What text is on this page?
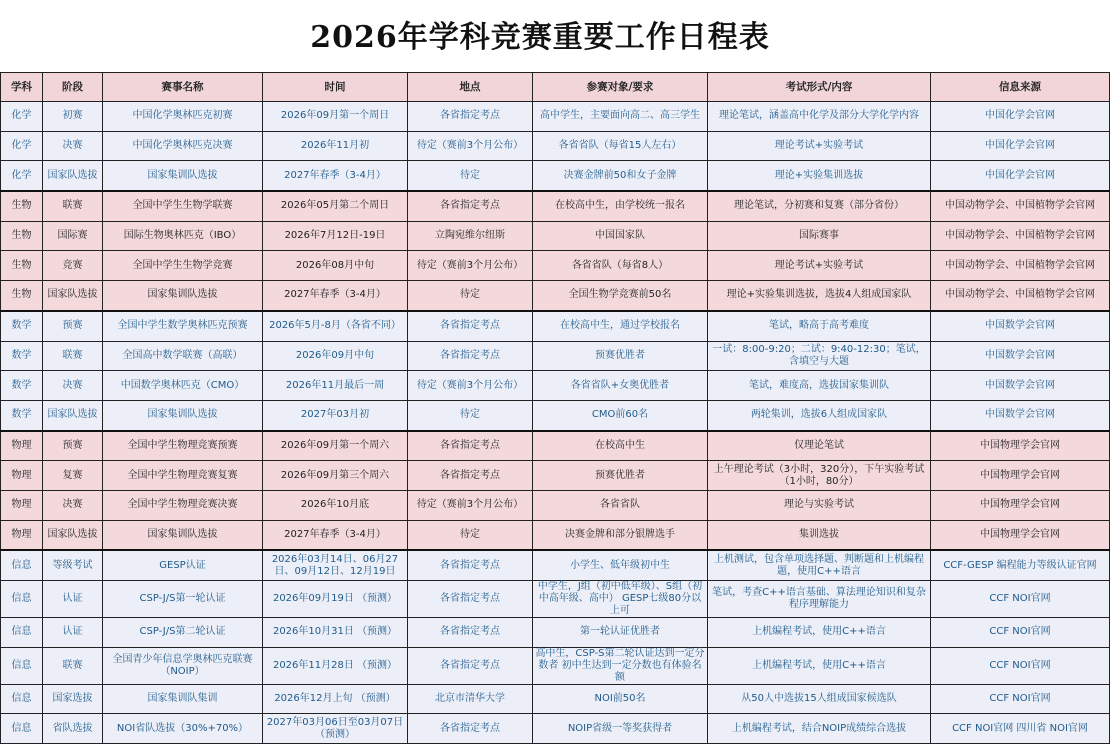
2026年学科竞赛重要工作日程表
学科	阶段	赛事名称	时间	地点	参赛对象/要求	考试形式/内容	信息来源
化学	初赛	中国化学奥林匹克初赛	2026年09月第一个周日	各省指定考点	高中学生，主要面向高二、高三学生	理论笔试，涵盖高中化学及部分大学化学内容	中国化学会官网
化学	决赛	中国化学奥林匹克决赛	2026年11月初	待定（赛前3个月公布）	各省省队（每省15人左右）	理论考试+实验考试	中国化学会官网
化学	国家队选拔	国家集训队选拔	2027年春季（3-4月）	待定	决赛金牌前50和女子金牌	理论+实验集训选拔	中国化学会官网
生物	联赛	全国中学生生物学联赛	2026年05月第二个周日	各省指定考点	在校高中生，由学校统一报名	理论笔试，分初赛和复赛（部分省份）	中国动物学会、中国植物学会官网
生物	国际赛	国际生物奥林匹克（IBO）	2026年7月12日-19日	立陶宛维尔纽斯	中国国家队	国际赛事	中国动物学会、中国植物学会官网
生物	竞赛	全国中学生生物学竞赛	2026年08月中旬	待定（赛前3个月公布）	各省省队（每省8人）	理论考试+实验考试	中国动物学会、中国植物学会官网
生物	国家队选拔	国家集训队选拔	2027年春季（3-4月）	待定	全国生物学竞赛前50名	理论+实验集训选拔，选拔4人组成国家队	中国动物学会、中国植物学会官网
数学	预赛	全国中学生数学奥林匹克预赛	2026年5月-8月（各省不同）	各省指定考点	在校高中生，通过学校报名	笔试，略高于高考难度	中国数学会官网
数学	联赛	全国高中数学联赛（高联）	2026年09月中旬	各省指定考点	预赛优胜者	一试：8:00-9:20；二试：9:40-12:30；笔试，含填空与大题	中国数学会官网
数学	决赛	中国数学奥林匹克（CMO）	2026年11月最后一周	待定（赛前3个月公布）	各省省队+女奥优胜者	笔试，难度高，选拔国家集训队	中国数学会官网
数学	国家队选拔	国家集训队选拔	2027年03月初	待定	CMO前60名	两轮集训，选拔6人组成国家队	中国数学会官网
物理	预赛	全国中学生物理竞赛预赛	2026年09月第一个周六	各省指定考点	在校高中生	仅理论笔试	中国物理学会官网
物理	复赛	全国中学生物理竞赛复赛	2026年09月第三个周六	各省指定考点	预赛优胜者	上午理论考试（3小时，320分），下午实验考试（1小时，80分）	中国物理学会官网
物理	决赛	全国中学生物理竞赛决赛	2026年10月底	待定（赛前3个月公布）	各省省队	理论与实验考试	中国物理学会官网
物理	国家队选拔	国家集训队选拔	2027年春季（3-4月）	待定	决赛金牌和部分银牌选手	集训选拔	中国物理学会官网
信息	等级考试	GESP认证	2026年03月14日、06月27日、09月12日、12月19日	各省指定考点	小学生、低年级初中生	上机测试，包含单项选择题、判断题和上机编程题，使用C++语言	CCF-GESP 编程能力等级认证官网
信息	认证	CSP-J/S第一轮认证	2026年09月19日 （预测）	各省指定考点	中学生，J组（初中低年级）、S组（初中高年级、高中） GESP七级80分以上可	笔试，考查C++语言基础、算法理论知识和复杂程序理解能力	CCF NOI官网
信息	认证	CSP-J/S第二轮认证	2026年10月31日 （预测）	各省指定考点	第一轮认证优胜者	上机编程考试，使用C++语言	CCF NOI官网
信息	联赛	全国青少年信息学奥林匹克联赛（NOIP）	2026年11月28日 （预测）	各省指定考点	高中生，CSP-S第二轮认证达到一定分数者 初中生达到一定分数也有体验名额	上机编程考试，使用C++语言	CCF NOI官网
信息	国家选拔	国家集训队集训	2026年12月上旬 （预测）	北京市清华大学	NOI前50名	从50人中选拔15人组成国家候选队	CCF NOI官网
信息	省队选拔	NOI省队选拔（30%+70%）	2027年03月06日至03月07日（预测）	各省指定考点	NOIP省级一等奖获得者	上机编程考试，结合NOIP成绩综合选拔	CCF NOI官网 四川省 NOI官网
